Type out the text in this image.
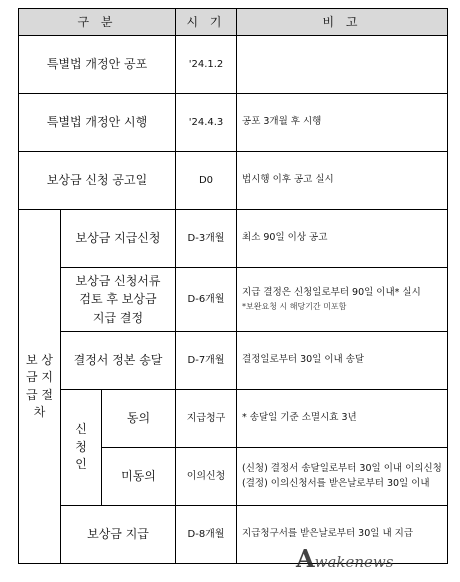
구 분			시 기	비 고
특별법 개정안 공포			'24.1.2	
특별법 개정안 시행			'24.4.3	공포 3개월 후 시행
보상금 신청 공고일			D0	법시행 이후 공고 실시

보 상
금 지
급 절
차	보상금 지급신청		D-3개월	최소 90일 이상 공고

	보상금 신청서류
검토 후 보상금
지급 결정		D-6개월	지급 결정은 신청일로부터 90일 이내* 실시
*보완요청 시 해당기간 미포함

	결정서 정본 송달		D-7개월	결정일로부터 30일 이내 송달

	신
청
인	동의	지급청구	* 송달일 기준 소멸시효 3년
		미동의	이의신청	(신청) 결정서 송달일로부터 30일 이내 이의신청
(결정) 이의신청서를 받은날로부터 30일 이내

	보상금 지급		D-8개월	지급청구서를 받은날로부터 30일 내 지급
Awakenews
